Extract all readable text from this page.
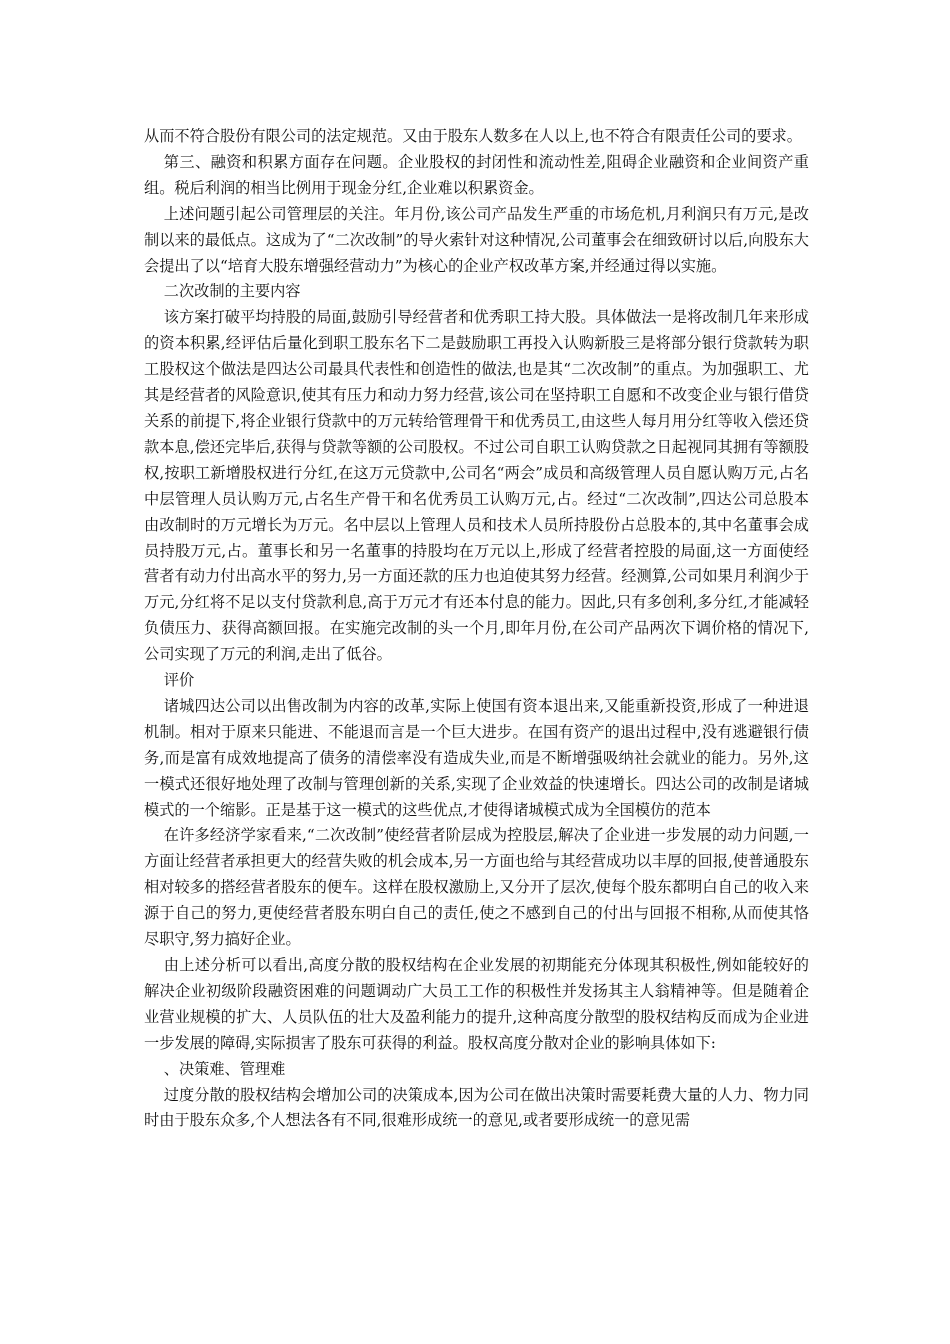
从而不符合股份有限公司的法定规范。又由于股东人数多在人以上,也不符合有限责任公司的要求。

第三、融资和积累方面存在问题。企业股权的封闭性和流动性差,阻碍企业融资和企业间资产重组。税后利润的相当比例用于现金分红,企业难以积累资金。

上述问题引起公司管理层的关注。年月份,该公司产品发生严重的市场危机,月利润只有万元,是改制以来的最低点。这成为了“二次改制”的导火索针对这种情况,公司董事会在细致研讨以后,向股东大会提出了以“培育大股东增强经营动力”为核心的企业产权改革方案,并经通过得以实施。

二次改制的主要内容

该方案打破平均持股的局面,鼓励引导经营者和优秀职工持大股。具体做法一是将改制几年来形成的资本积累,经评估后量化到职工股东名下二是鼓励职工再投入认购新股三是将部分银行贷款转为职工股权这个做法是四达公司最具代表性和创造性的做法,也是其“二次改制”的重点。为加强职工、尤其是经营者的风险意识,使其有压力和动力努力经营,该公司在坚持职工自愿和不改变企业与银行借贷关系的前提下,将企业银行贷款中的万元转给管理骨干和优秀员工,由这些人每月用分红等收入偿还贷款本息,偿还完毕后,获得与贷款等额的公司股权。不过公司自职工认购贷款之日起视同其拥有等额股权,按职工新增股权进行分红,在这万元贷款中,公司名“两会”成员和高级管理人员自愿认购万元,占名中层管理人员认购万元,占名生产骨干和名优秀员工认购万元,占。经过“二次改制”,四达公司总股本由改制时的万元增长为万元。名中层以上管理人员和技术人员所持股份占总股本的,其中名董事会成员持股万元,占。董事长和另一名董事的持股均在万元以上,形成了经营者控股的局面,这一方面使经营者有动力付出高水平的努力,另一方面还款的压力也迫使其努力经营。经测算,公司如果月利润少于万元,分红将不足以支付贷款利息,高于万元才有还本付息的能力。因此,只有多创利,多分红,才能减轻负债压力、获得高额回报。在实施完改制的头一个月,即年月份,在公司产品两次下调价格的情况下,公司实现了万元的利润,走出了低谷。

评价

诸城四达公司以出售改制为内容的改革,实际上使国有资本退出来,又能重新投资,形成了一种进退机制。相对于原来只能进、不能退而言是一个巨大进步。在国有资产的退出过程中,没有逃避银行债务,而是富有成效地提高了债务的清偿率没有造成失业,而是不断增强吸纳社会就业的能力。另外,这一模式还很好地处理了改制与管理创新的关系,实现了企业效益的快速增长。四达公司的改制是诸城模式的一个缩影。正是基于这一模式的这些优点,才使得诸城模式成为全国模仿的范本

在许多经济学家看来,“二次改制”使经营者阶层成为控股层,解决了企业进一步发展的动力问题,一方面让经营者承担更大的经营失败的机会成本,另一方面也给与其经营成功以丰厚的回报,使普通股东相对较多的搭经营者股东的便车。这样在股权激励上,又分开了层次,使每个股东都明白自己的收入来源于自己的努力,更使经营者股东明白自己的责任,使之不感到自己的付出与回报不相称,从而使其恪尽职守,努力搞好企业。

由上述分析可以看出,高度分散的股权结构在企业发展的初期能充分体现其积极性,例如能较好的解决企业初级阶段融资困难的问题调动广大员工工作的积极性并发扬其主人翁精神等。但是随着企业营业规模的扩大、人员队伍的壮大及盈利能力的提升,这种高度分散型的股权结构反而成为企业进一步发展的障碍,实际损害了股东可获得的利益。股权高度分散对企业的影响具体如下:

、决策难、管理难

过度分散的股权结构会增加公司的决策成本,因为公司在做出决策时需要耗费大量的人力、物力同时由于股东众多,个人想法各有不同,很难形成统一的意见,或者要形成统一的意见需
